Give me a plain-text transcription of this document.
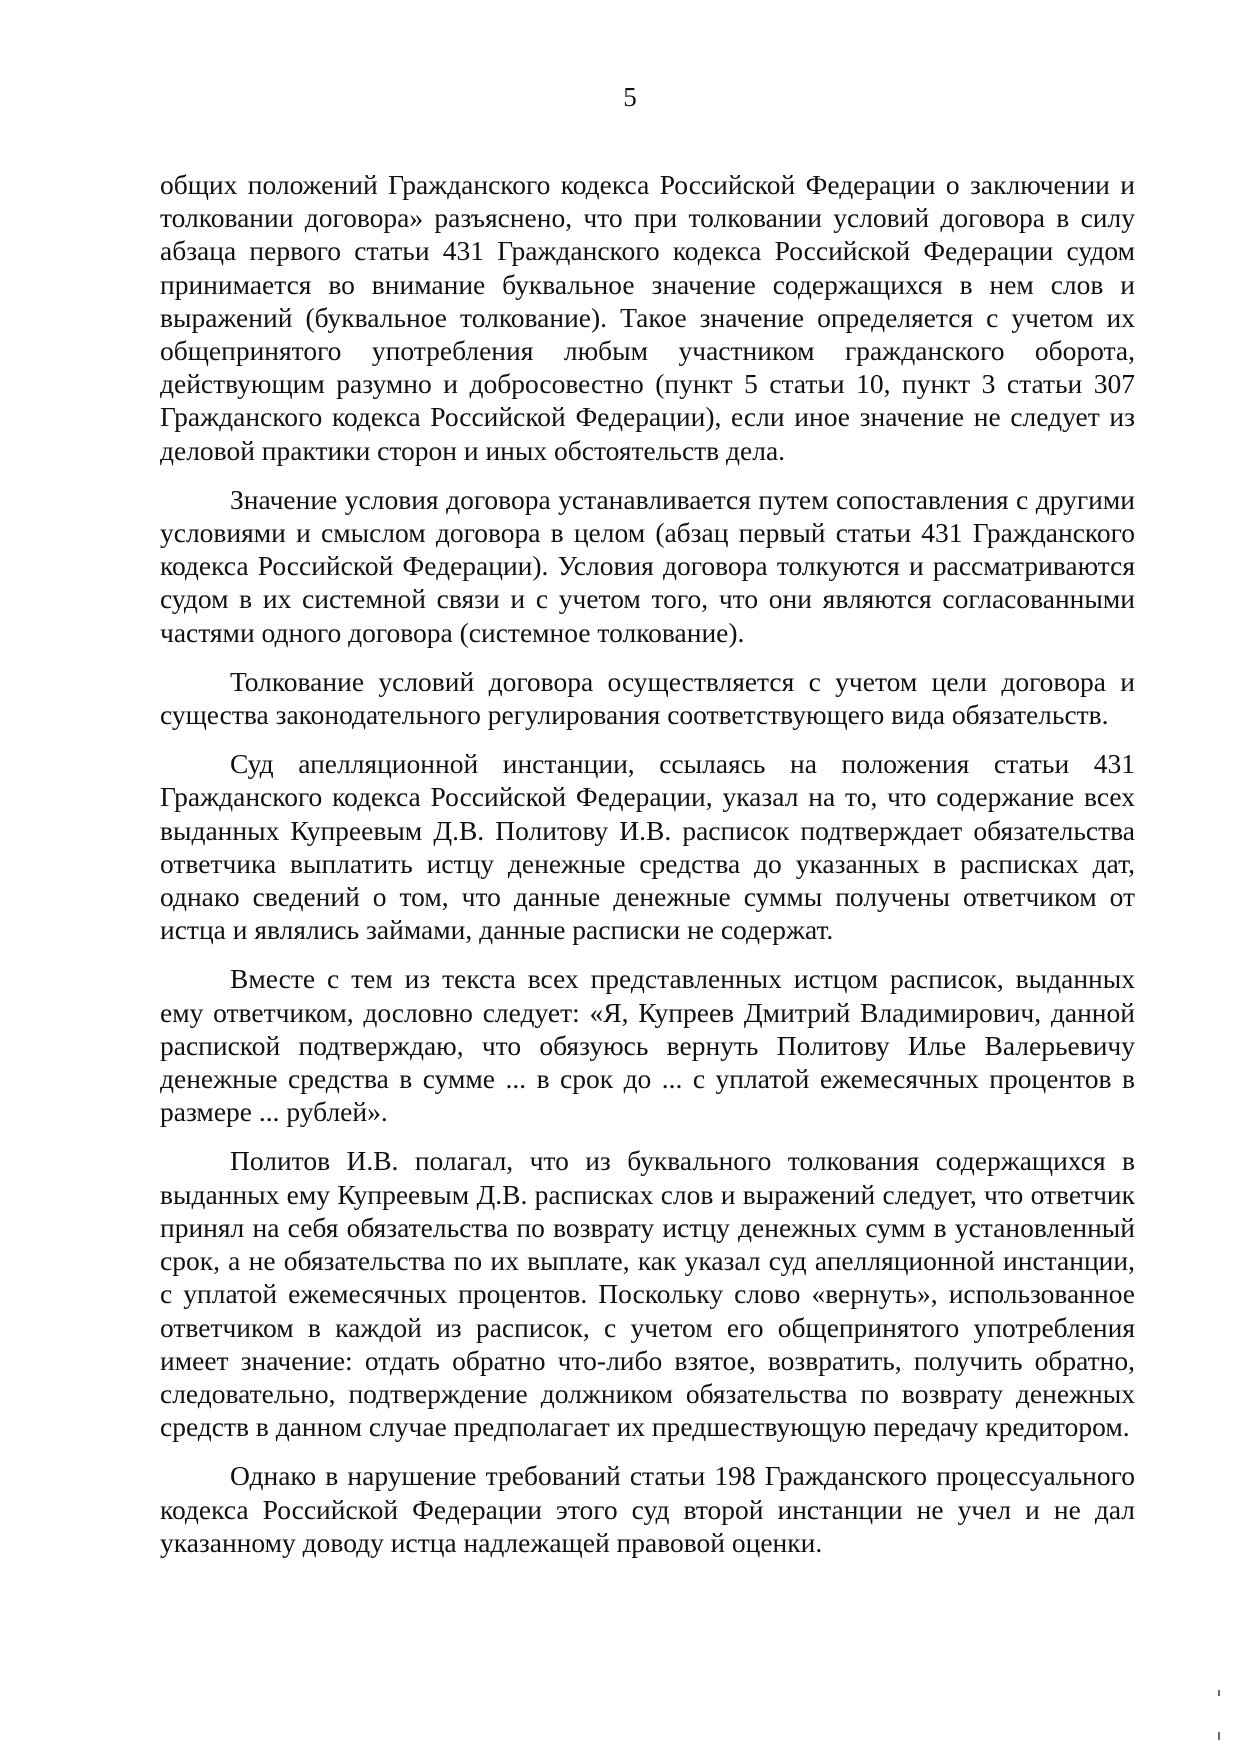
5

общих положений Гражданского кодекса Российской Федерации о заключении и толковании договора» разъяснено, что при толковании условий договора в силу абзаца первого статьи 431 Гражданского кодекса Российской Федерации судом принимается во внимание буквальное значение содержащихся в нем слов и выражений (буквальное толкование). Такое значение определяется с учетом их общепринятого употребления любым участником гражданского оборота, действующим разумно и добросовестно (пункт 5 статьи 10, пункт 3 статьи 307 Гражданского кодекса Российской Федерации), если иное значение не следует из деловой практики сторон и иных обстоятельств дела.

Значение условия договора устанавливается путем сопоставления с другими условиями и смыслом договора в целом (абзац первый статьи 431 Гражданского кодекса Российской Федерации). Условия договора толкуются и рассматриваются судом в их системной связи и с учетом того, что они являются согласованными частями одного договора (системное толкование).

Толкование условий договора осуществляется с учетом цели договора и существа законодательного регулирования соответствующего вида обязательств.

Суд апелляционной инстанции, ссылаясь на положения статьи 431 Гражданского кодекса Российской Федерации, указал на то, что содержание всех выданных Купреевым Д.В. Политову И.В. расписок подтверждает обязательства ответчика выплатить истцу денежные средства до указанных в расписках дат, однако сведений о том, что данные денежные суммы получены ответчиком от истца и являлись займами, данные расписки не содержат.

Вместе с тем из текста всех представленных истцом расписок, выданных ему ответчиком, дословно следует: «Я, Купреев Дмитрий Владимирович, данной распиской подтверждаю, что обязуюсь вернуть Политову Илье Валерьевичу денежные средства в сумме ... в срок до ... с уплатой ежемесячных процентов в размере ... рублей».

Политов И.В. полагал, что из буквального толкования содержащихся в выданных ему Купреевым Д.В. расписках слов и выражений следует, что ответчик принял на себя обязательства по возврату истцу денежных сумм в установленный срок, а не обязательства по их выплате, как указал суд апелляционной инстанции, с уплатой ежемесячных процентов. Поскольку слово «вернуть», использованное ответчиком в каждой из расписок, с учетом его общепринятого употребления имеет значение: отдать обратно что-либо взятое, возвратить, получить обратно, следовательно, подтверждение должником обязательства по возврату денежных средств в данном случае предполагает их предшествующую передачу кредитором.

Однако в нарушение требований статьи 198 Гражданского процессуального кодекса Российской Федерации этого суд второй инстанции не учел и не дал указанному доводу истца надлежащей правовой оценки.
